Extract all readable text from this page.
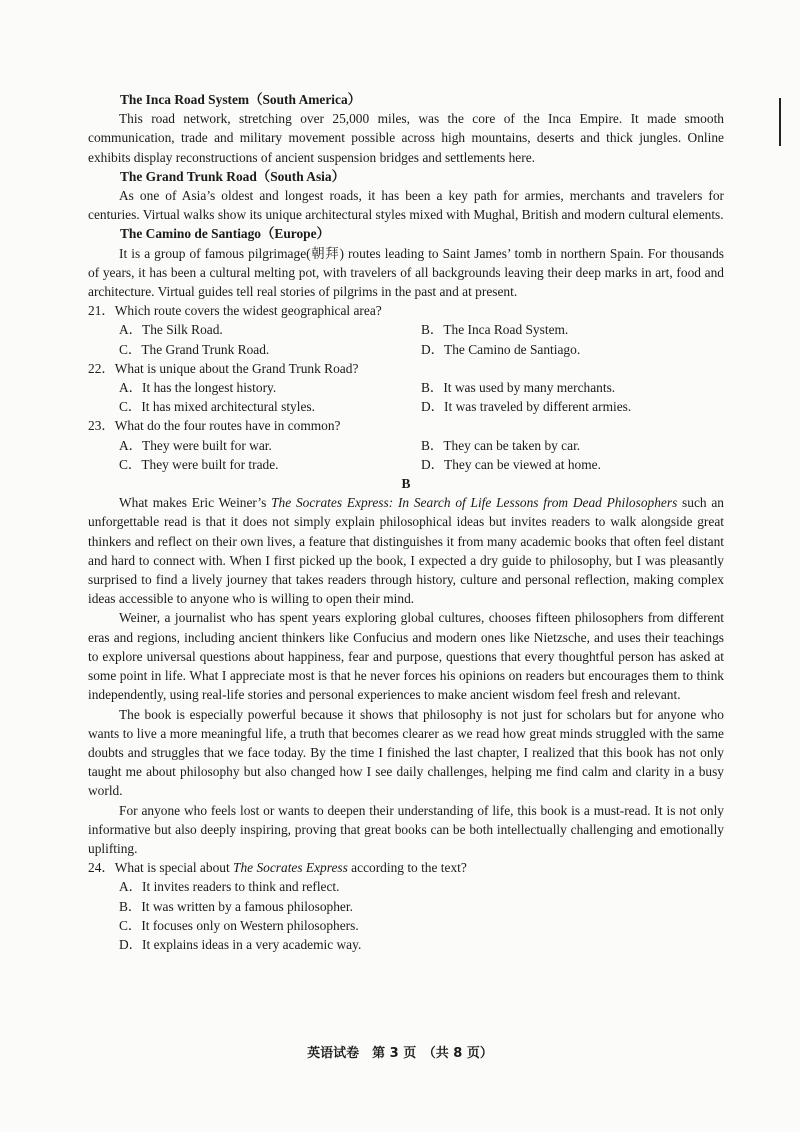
The Inca Road System（South America）

This road network, stretching over 25,000 miles, was the core of the Inca Empire. It made smooth communication, trade and military movement possible across high mountains, deserts and thick jungles. Online exhibits display reconstructions of ancient suspension bridges and settlements here.

The Grand Trunk Road（South Asia）

As one of Asia’s oldest and longest roads, it has been a key path for armies, merchants and travelers for centuries. Virtual walks show its unique architectural styles mixed with Mughal, British and modern cultural elements.

The Camino de Santiago（Europe）

It is a group of famous pilgrimage(朝拜) routes leading to Saint James’ tomb in northern Spain. For thousands of years, it has been a cultural melting pot, with travelers of all backgrounds leaving their deep marks in art, food and architecture. Virtual guides tell real stories of pilgrims in the past and at present.

21．Which route covers the widest geographical area?

A．The Silk Road.	B．The Inca Road System.
C．The Grand Trunk Road.	D．The Camino de Santiago.

22．What is unique about the Grand Trunk Road?

A．It has the longest history.	B．It was used by many merchants.
C．It has mixed architectural styles.	D．It was traveled by different armies.

23．What do the four routes have in common?

A．They were built for war.	B．They can be taken by car.
C．They were built for trade.	D．They can be viewed at home.

B

What makes Eric Weiner’s The Socrates Express: In Search of Life Lessons from Dead Philosophers such an unforgettable read is that it does not simply explain philosophical ideas but invites readers to walk alongside great thinkers and reflect on their own lives, a feature that distinguishes it from many academic books that often feel distant and hard to connect with. When I first picked up the book, I expected a dry guide to philosophy, but I was pleasantly surprised to find a lively journey that takes readers through history, culture and personal reflection, making complex ideas accessible to anyone who is willing to open their mind.

Weiner, a journalist who has spent years exploring global cultures, chooses fifteen philosophers from different eras and regions, including ancient thinkers like Confucius and modern ones like Nietzsche, and uses their teachings to explore universal questions about happiness, fear and purpose, questions that every thoughtful person has asked at some point in life. What I appreciate most is that he never forces his opinions on readers but encourages them to think independently, using real-life stories and personal experiences to make ancient wisdom feel fresh and relevant.

The book is especially powerful because it shows that philosophy is not just for scholars but for anyone who wants to live a more meaningful life, a truth that becomes clearer as we read how great minds struggled with the same doubts and struggles that we face today. By the time I finished the last chapter, I realized that this book has not only taught me about philosophy but also changed how I see daily challenges, helping me find calm and clarity in a busy world.

For anyone who feels lost or wants to deepen their understanding of life, this book is a must-read. It is not only informative but also deeply inspiring, proving that great books can be both intellectually challenging and emotionally uplifting.

24．What is special about The Socrates Express according to the text?

A．It invites readers to think and reflect.
B．It was written by a famous philosopher.
C．It focuses only on Western philosophers.
D．It explains ideas in a very academic way.
英语试卷　第 3 页　（共 8 页）
